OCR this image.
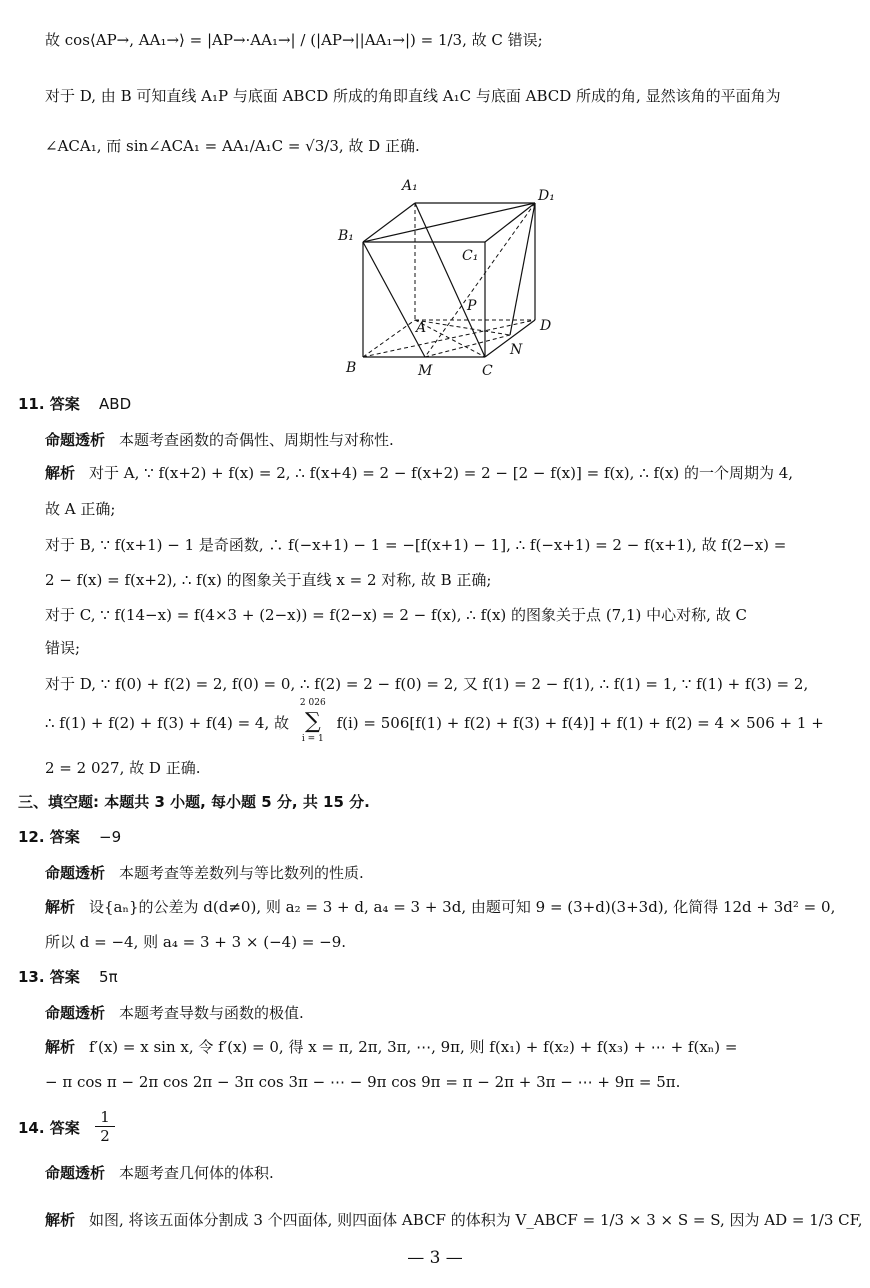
故 cos⟨AP→, AA₁→⟩ = |AP→·AA₁→| / (|AP→||AA₁→|) = 1/3, 故 C 错误;
对于 D, 由 B 可知直线 A₁P 与底面 ABCD 所成的角即直线 A₁C 与底面 ABCD 所成的角, 显然该角的平面角为
∠ACA₁, 而 sin∠ACA₁ = AA₁/A₁C = √3/3, 故 D 正确.
A₁
D₁
B₁
C₁
P
A	D
B	M	C
N
11. 答案 ABD
命题透析 本题考查函数的奇偶性、周期性与对称性.
解析 对于 A, ∵ f(x+2) + f(x) = 2, ∴ f(x+4) = 2 − f(x+2) = 2 − [2 − f(x)] = f(x), ∴ f(x) 的一个周期为 4,
故 A 正确;
对于 B, ∵ f(x+1) − 1 是奇函数, ∴ f(−x+1) − 1 = −[f(x+1) − 1], ∴ f(−x+1) = 2 − f(x+1), 故 f(2−x) =
2 − f(x) = f(x+2), ∴ f(x) 的图象关于直线 x = 2 对称, 故 B 正确;
对于 C, ∵ f(14−x) = f(4×3 + (2−x)) = f(2−x) = 2 − f(x), ∴ f(x) 的图象关于点 (7,1) 中心对称, 故 C
错误;
对于 D, ∵ f(0) + f(2) = 2, f(0) = 0, ∴ f(2) = 2 − f(0) = 2, 又 f(1) = 2 − f(1), ∴ f(1) = 1, ∵ f(1) + f(3) = 2,
∴ f(1) + f(2) + f(3) + f(4) = 4, 故
2 026
∑
i = 1
f(i) = 506[f(1) + f(2) + f(3) + f(4)] + f(1) + f(2) = 4 × 506 + 1 +
2 = 2 027, 故 D 正确.
三、填空题: 本题共 3 小题, 每小题 5 分, 共 15 分.
12. 答案 −9
命题透析 本题考查等差数列与等比数列的性质.
解析 设{aₙ}的公差为 d(d≠0), 则 a₂ = 3 + d, a₄ = 3 + 3d, 由题可知 9 = (3+d)(3+3d), 化简得 12d + 3d² = 0,
所以 d = −4, 则 a₄ = 3 + 3 × (−4) = −9.
13. 答案 5π
命题透析 本题考查导数与函数的极值.
解析 f′(x) = x sin x, 令 f′(x) = 0, 得 x = π, 2π, 3π, ⋯, 9π, 则 f(x₁) + f(x₂) + f(x₃) + ⋯ + f(xₙ) =
− π cos π − 2π cos 2π − 3π cos 3π − ⋯ − 9π cos 9π = π − 2π + 3π − ⋯ + 9π = 5π.
14. 答案
1
2
命题透析 本题考查几何体的体积.
解析 如图, 将该五面体分割成 3 个四面体, 则四面体 ABCF 的体积为 V_ABCF = 1/3 × 3 × S = S, 因为 AD = 1/3 CF,
— 3 —
